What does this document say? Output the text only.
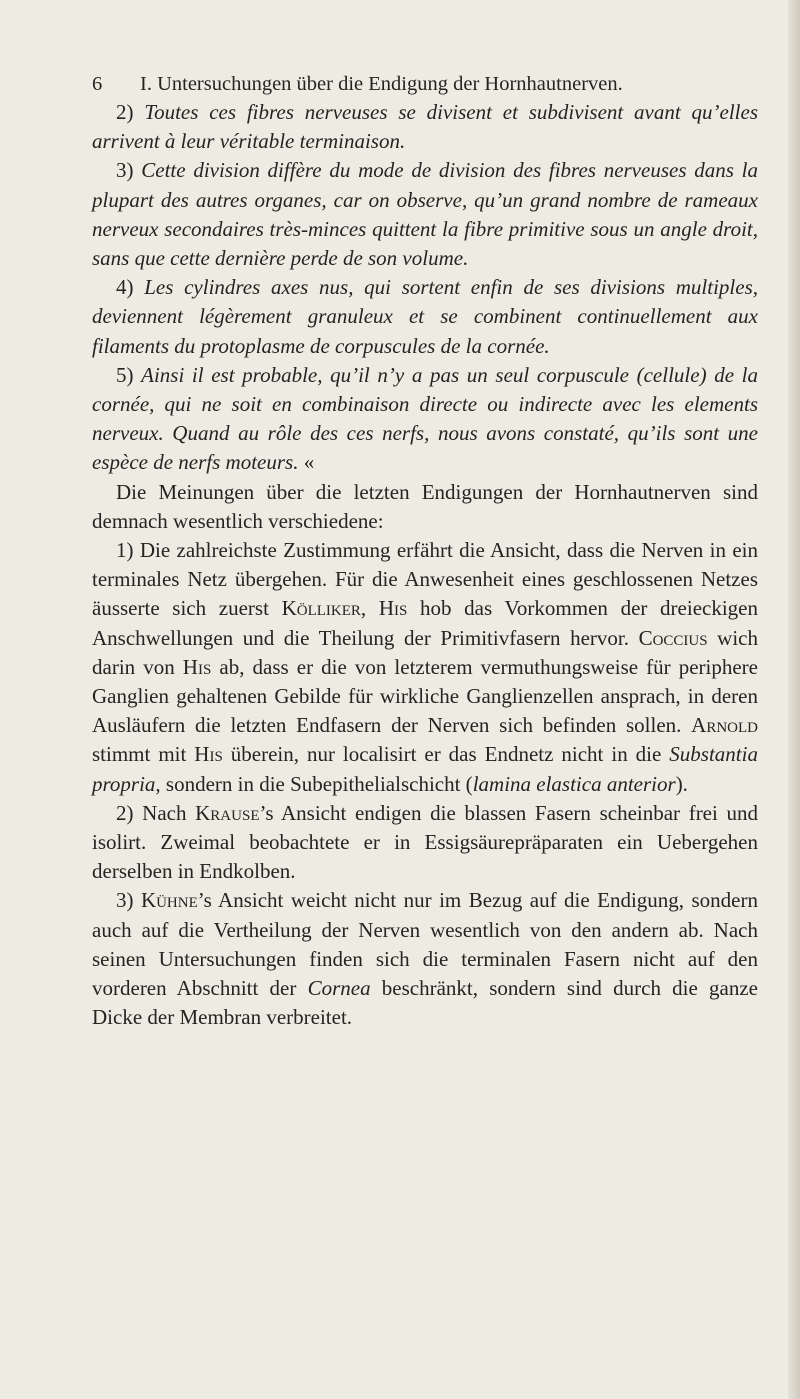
6 I. Untersuchungen über die Endigung der Hornhautnerven.

2) Toutes ces fibres nerveuses se divisent et subdivisent avant qu’elles arrivent à leur véritable terminaison.

3) Cette division diffère du mode de division des fibres nerveuses dans la plupart des autres organes, car on observe, qu’un grand nombre de rameaux nerveux secondaires très-minces quittent la fibre primitive sous un angle droit, sans que cette dernière perde de son volume.

4) Les cylindres axes nus, qui sortent enfin de ses divisions multiples, deviennent légèrement granuleux et se combinent continuellement aux filaments du protoplasme de corpuscules de la cornée.

5) Ainsi il est probable, qu’il n’y a pas un seul corpuscule (cellule) de la cornée, qui ne soit en combinaison directe ou indirecte avec les elements nerveux. Quand au rôle des ces nerfs, nous avons constaté, qu’ils sont une espèce de nerfs moteurs. «

Die Meinungen über die letzten Endigungen der Hornhautnerven sind demnach wesentlich verschiedene:

1) Die zahlreichste Zustimmung erfährt die Ansicht, dass die Nerven in ein terminales Netz übergehen. Für die Anwesenheit eines geschlossenen Netzes äusserte sich zuerst Kölliker, His hob das Vorkommen der dreieckigen Anschwellungen und die Theilung der Primitivfasern hervor. Coccius wich darin von His ab, dass er die von letzterem vermuthungsweise für periphere Ganglien gehaltenen Gebilde für wirkliche Ganglienzellen ansprach, in deren Ausläufern die letzten Endfasern der Nerven sich befinden sollen. Arnold stimmt mit His überein, nur localisirt er das Endnetz nicht in die Substantia propria, sondern in die Subepithelialschicht (lamina elastica anterior).

2) Nach Krause’s Ansicht endigen die blassen Fasern scheinbar frei und isolirt. Zweimal beobachtete er in Essigsäurepräparaten ein Uebergehen derselben in Endkolben.

3) Kühne’s Ansicht weicht nicht nur im Bezug auf die Endigung, sondern auch auf die Vertheilung der Nerven wesentlich von den andern ab. Nach seinen Untersuchungen finden sich die terminalen Fasern nicht auf den vorderen Abschnitt der Cornea beschränkt, sondern sind durch die ganze Dicke der Membran verbreitet.
